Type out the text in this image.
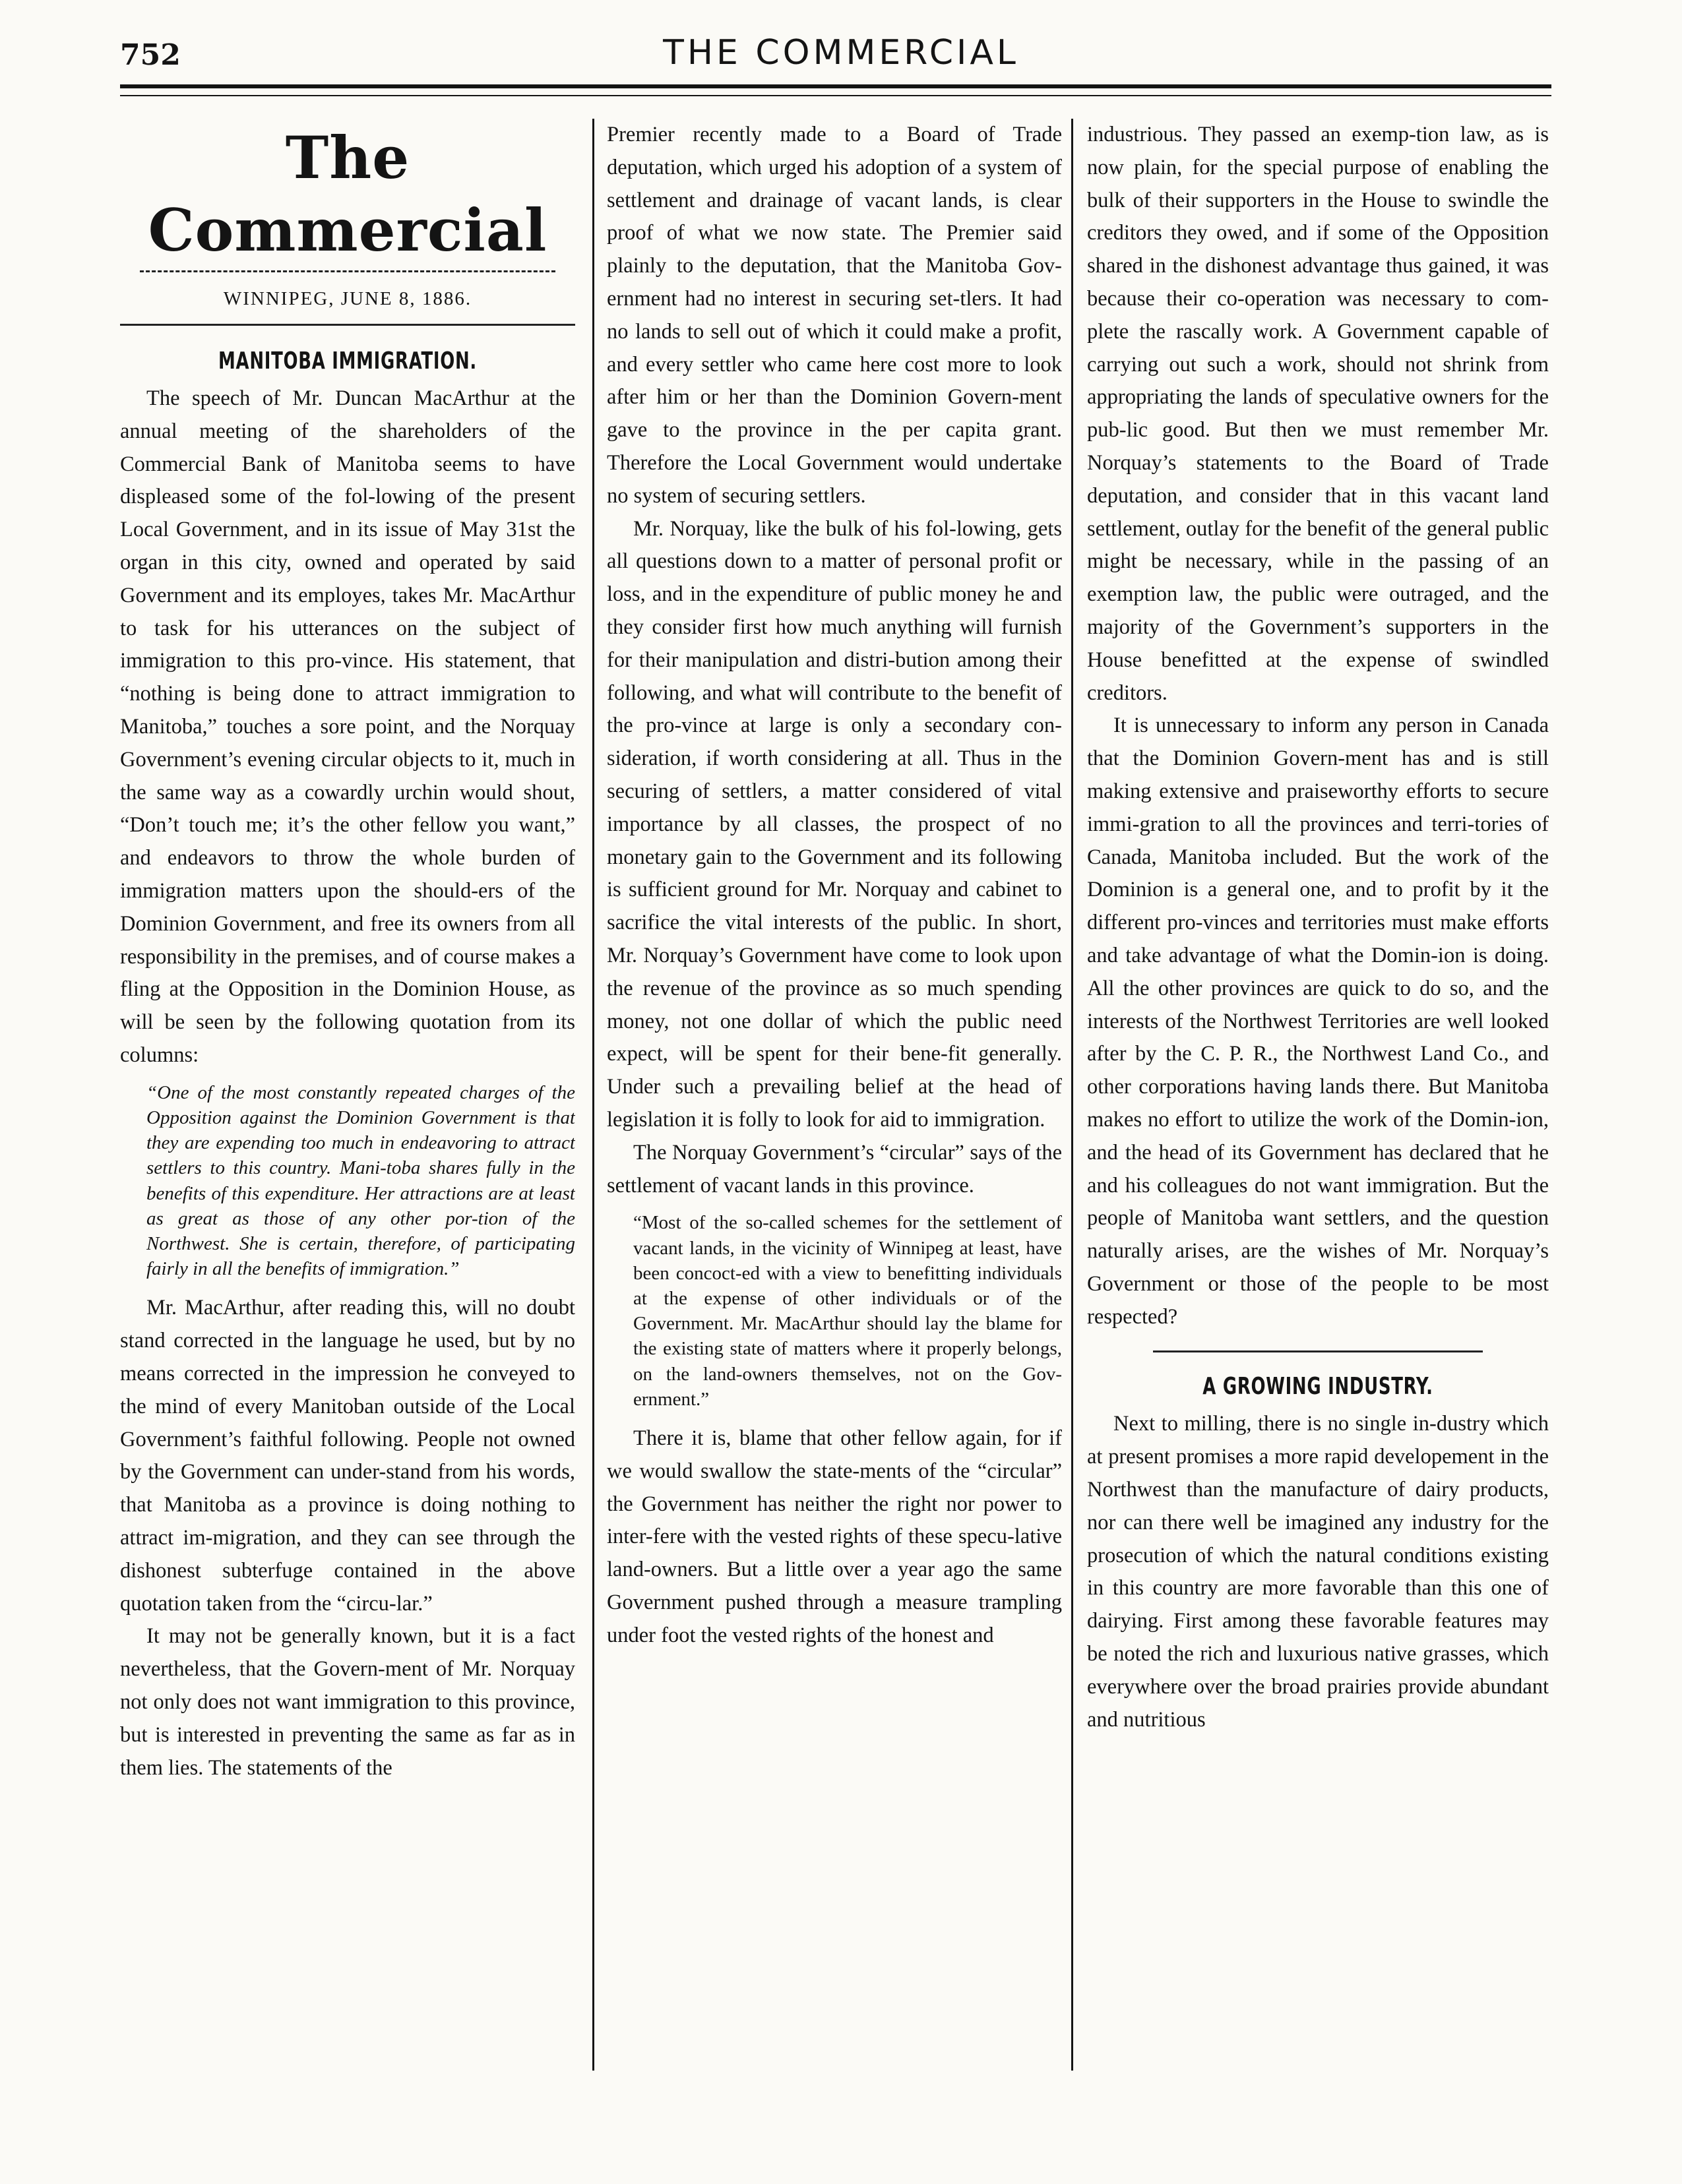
752	THE COMMERCIAL
The Commercial
WINNIPEG, JUNE 8, 1886.
MANITOBA IMMIGRATION.

The speech of Mr. Duncan MacArthur at the annual meeting of the shareholders of the Commercial Bank of Manitoba seems to have displeased some of the fol-lowing of the present Local Government, and in its issue of May 31st the organ in this city, owned and operated by said Government and its employes, takes Mr. MacArthur to task for his utterances on the subject of immigration to this pro-vince. His statement, that “nothing is being done to attract immigration to Manitoba,” touches a sore point, and the Norquay Government’s evening circular objects to it, much in the same way as a cowardly urchin would shout, “Don’t touch me; it’s the other fellow you want,” and endeavors to throw the whole burden of immigration matters upon the should-ers of the Dominion Government, and free its owners from all responsibility in the premises, and of course makes a fling at the Opposition in the Dominion House, as will be seen by the following quotation from its columns:

“One of the most constantly repeated charges of the Opposition against the Dominion Government is that they are expending too much in endeavoring to attract settlers to this country. Mani-toba shares fully in the benefits of this expenditure. Her attractions are at least as great as those of any other por-tion of the Northwest. She is certain, therefore, of participating fairly in all the benefits of immigration.”

Mr. MacArthur, after reading this, will no doubt stand corrected in the language he used, but by no means corrected in the impression he conveyed to the mind of every Manitoban outside of the Local Government’s faithful following. People not owned by the Government can under-stand from his words, that Manitoba as a province is doing nothing to attract im-migration, and they can see through the dishonest subterfuge contained in the above quotation taken from the “circu-lar.”

It may not be generally known, but it is a fact nevertheless, that the Govern-ment of Mr. Norquay not only does not want immigration to this province, but is interested in preventing the same as far as in them lies. The statements of the

Premier recently made to a Board of Trade deputation, which urged his adoption of a system of settlement and drainage of vacant lands, is clear proof of what we now state. The Premier said plainly to the deputation, that the Manitoba Gov-ernment had no interest in securing set-tlers. It had no lands to sell out of which it could make a profit, and every settler who came here cost more to look after him or her than the Dominion Govern-ment gave to the province in the per capita grant. Therefore the Local Government would undertake no system of securing settlers.

Mr. Norquay, like the bulk of his fol-lowing, gets all questions down to a matter of personal profit or loss, and in the expenditure of public money he and they consider first how much anything will furnish for their manipulation and distri-bution among their following, and what will contribute to the benefit of the pro-vince at large is only a secondary con-sideration, if worth considering at all. Thus in the securing of settlers, a matter considered of vital importance by all classes, the prospect of no monetary gain to the Government and its following is sufficient ground for Mr. Norquay and cabinet to sacrifice the vital interests of the public. In short, Mr. Norquay’s Government have come to look upon the revenue of the province as so much spending money, not one dollar of which the public need expect, will be spent for their bene-fit generally. Under such a prevailing belief at the head of legislation it is folly to look for aid to immigration.

The Norquay Government’s “circular” says of the settlement of vacant lands in this province.

“Most of the so-called schemes for the settlement of vacant lands, in the vicinity of Winnipeg at least, have been concoct-ed with a view to benefitting individuals at the expense of other individuals or of the Government. Mr. MacArthur should lay the blame for the existing state of matters where it properly belongs, on the land-owners themselves, not on the Gov-ernment.”

There it is, blame that other fellow again, for if we would swallow the state-ments of the “circular” the Government has neither the right nor power to inter-fere with the vested rights of these specu-lative land-owners. But a little over a year ago the same Government pushed through a measure trampling under foot the vested rights of the honest and

industrious. They passed an exemp-tion law, as is now plain, for the special purpose of enabling the bulk of their supporters in the House to swindle the creditors they owed, and if some of the Opposition shared in the dishonest advantage thus gained, it was because their co-operation was necessary to com-plete the rascally work. A Government capable of carrying out such a work, should not shrink from appropriating the lands of speculative owners for the pub-lic good. But then we must remember Mr. Norquay’s statements to the Board of Trade deputation, and consider that in this vacant land settlement, outlay for the benefit of the general public might be necessary, while in the passing of an exemption law, the public were outraged, and the majority of the Government’s supporters in the House benefitted at the expense of swindled creditors.

It is unnecessary to inform any person in Canada that the Dominion Govern-ment has and is still making extensive and praiseworthy efforts to secure immi-gration to all the provinces and terri-tories of Canada, Manitoba included. But the work of the Dominion is a general one, and to profit by it the different pro-vinces and territories must make efforts and take advantage of what the Domin-ion is doing. All the other provinces are quick to do so, and the interests of the Northwest Territories are well looked after by the C. P. R., the Northwest Land Co., and other corporations having lands there. But Manitoba makes no effort to utilize the work of the Domin-ion, and the head of its Government has declared that he and his colleagues do not want immigration. But the people of Manitoba want settlers, and the question naturally arises, are the wishes of Mr. Norquay’s Government or those of the people to be most respected?

A GROWING INDUSTRY.

Next to milling, there is no single in-dustry which at present promises a more rapid developement in the Northwest than the manufacture of dairy products, nor can there well be imagined any industry for the prosecution of which the natural conditions existing in this country are more favorable than this one of dairying. First among these favorable features may be noted the rich and luxurious native grasses, which everywhere over the broad prairies provide abundant and nutritious
